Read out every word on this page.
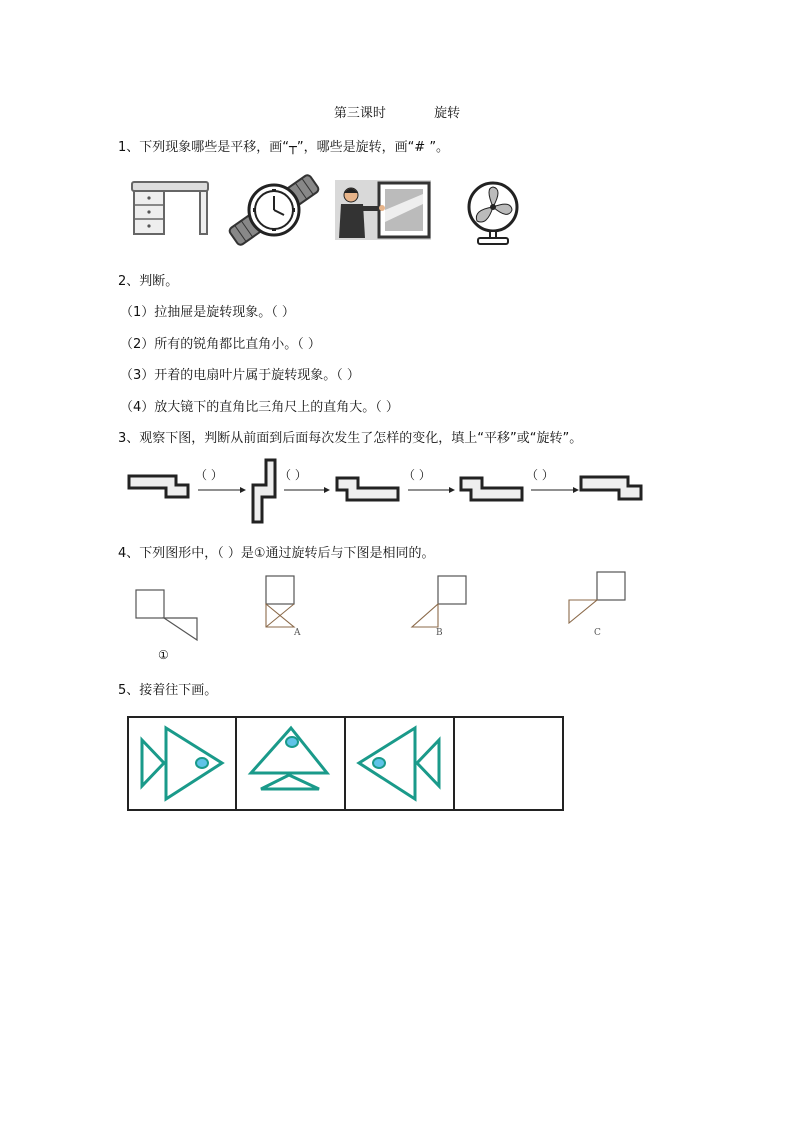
第三课时	旋转
1、下列现象哪些是平移，画“┬”，哪些是旋转，画“# ”。
2、判断。
（1）拉抽屉是旋转现象。（ ）
（2）所有的锐角都比直角小。（ ）
（3）开着的电扇叶片属于旋转现象。（ ）
（4）放大镜下的直角比三角尺上的直角大。（ ）
3、观察下图，判断从前面到后面每次发生了怎样的变化，填上“平移”或“旋转”。
（ ）	（ ）	（ ）	（ ）
4、下列图形中，（ ）是①通过旋转后与下图是相同的。
①
A	B	C
5、接着往下画。
